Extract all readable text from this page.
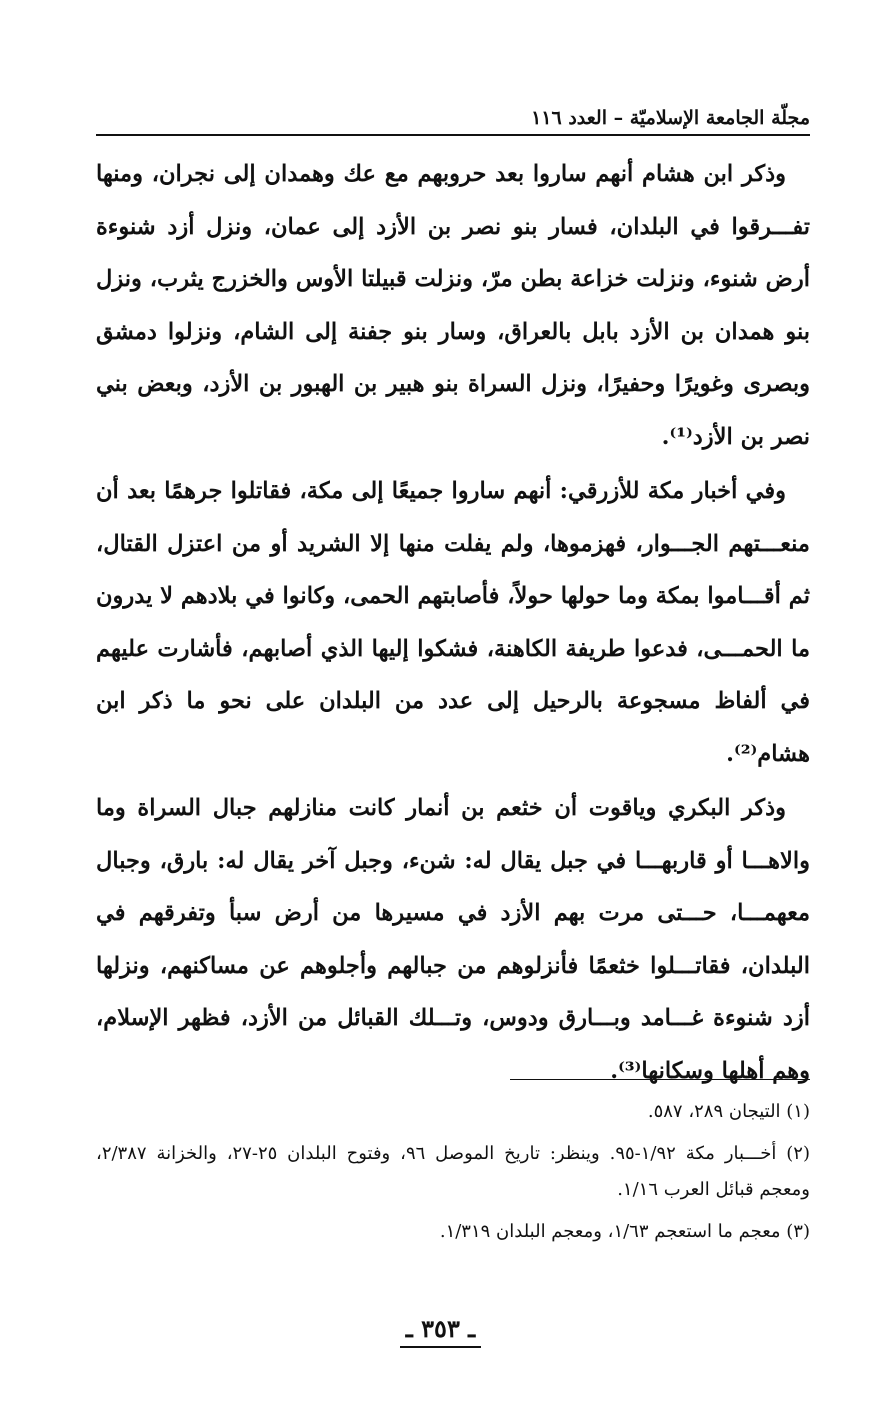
مجلّة الجامعة الإسلاميّة – العدد ١١٦

وذكر ابن هشام أنهم ساروا بعد حروبهم مع عك وهمدان إلى نجران، ومنها تفـــرقوا في البلدان، فسار بنو نصر بن الأزد إلى عمان، ونزل أزد شنوءة أرض شنوء، ونزلت خزاعة بطن مرّ، ونزلت قبيلتا الأوس والخزرج يثرب، ونزل بنو همدان بن الأزد بابل بالعراق، وسار بنو جفنة إلى الشام، ونزلوا دمشق وبصرى وغويرًا وحفيرًا، ونزل السراة بنو هبير بن الهبور بن الأزد، وبعض بني نصر بن الأزد⁽¹⁾.

وفي أخبار مكة للأزرقي: أنهم ساروا جميعًا إلى مكة، فقاتلوا جرهمًا بعد أن منعـــتهم الجـــوار، فهزموها، ولم يفلت منها إلا الشريد أو من اعتزل القتال، ثم أقـــاموا بمكة وما حولها حولاً، فأصابتهم الحمى، وكانوا في بلادهم لا يدرون ما الحمـــى، فدعوا طريفة الكاهنة، فشكوا إليها الذي أصابهم، فأشارت عليهم في ألفاظ مسجوعة بالرحيل إلى عدد من البلدان على نحو ما ذكر ابن هشام⁽²⁾.

وذكر البكري وياقوت أن خثعم بن أنمار كانت منازلهم جبال السراة وما والاهـــا أو قاربهـــا في جبل يقال له: شنء، وجبل آخر يقال له: بارق، وجبال معهمـــا، حـــتى مرت بهم الأزد في مسيرها من أرض سبأ وتفرقهم في البلدان، فقاتـــلوا خثعمًا فأنزلوهم من جبالهم وأجلوهم عن مساكنهم، ونزلها أزد شنوءة غـــامد وبـــارق ودوس، وتـــلك القبائل من الأزد، فظهر الإسلام، وهم أهلها وسكانها⁽³⁾.

(١) التيجان ٢٨٩، ٥٨٧.

(٢) أخـــبار مكة ١/٩٢-٩٥. وينظر: تاريخ الموصل ٩٦، وفتوح البلدان ٢٥-٢٧، والخزانة ٢/٣٨٧، ومعجم قبائل العرب ١/١٦.

(٣) معجم ما استعجم ١/٦٣، ومعجم البلدان ١/٣١٩.

ـ ٣٥٣ ـ
